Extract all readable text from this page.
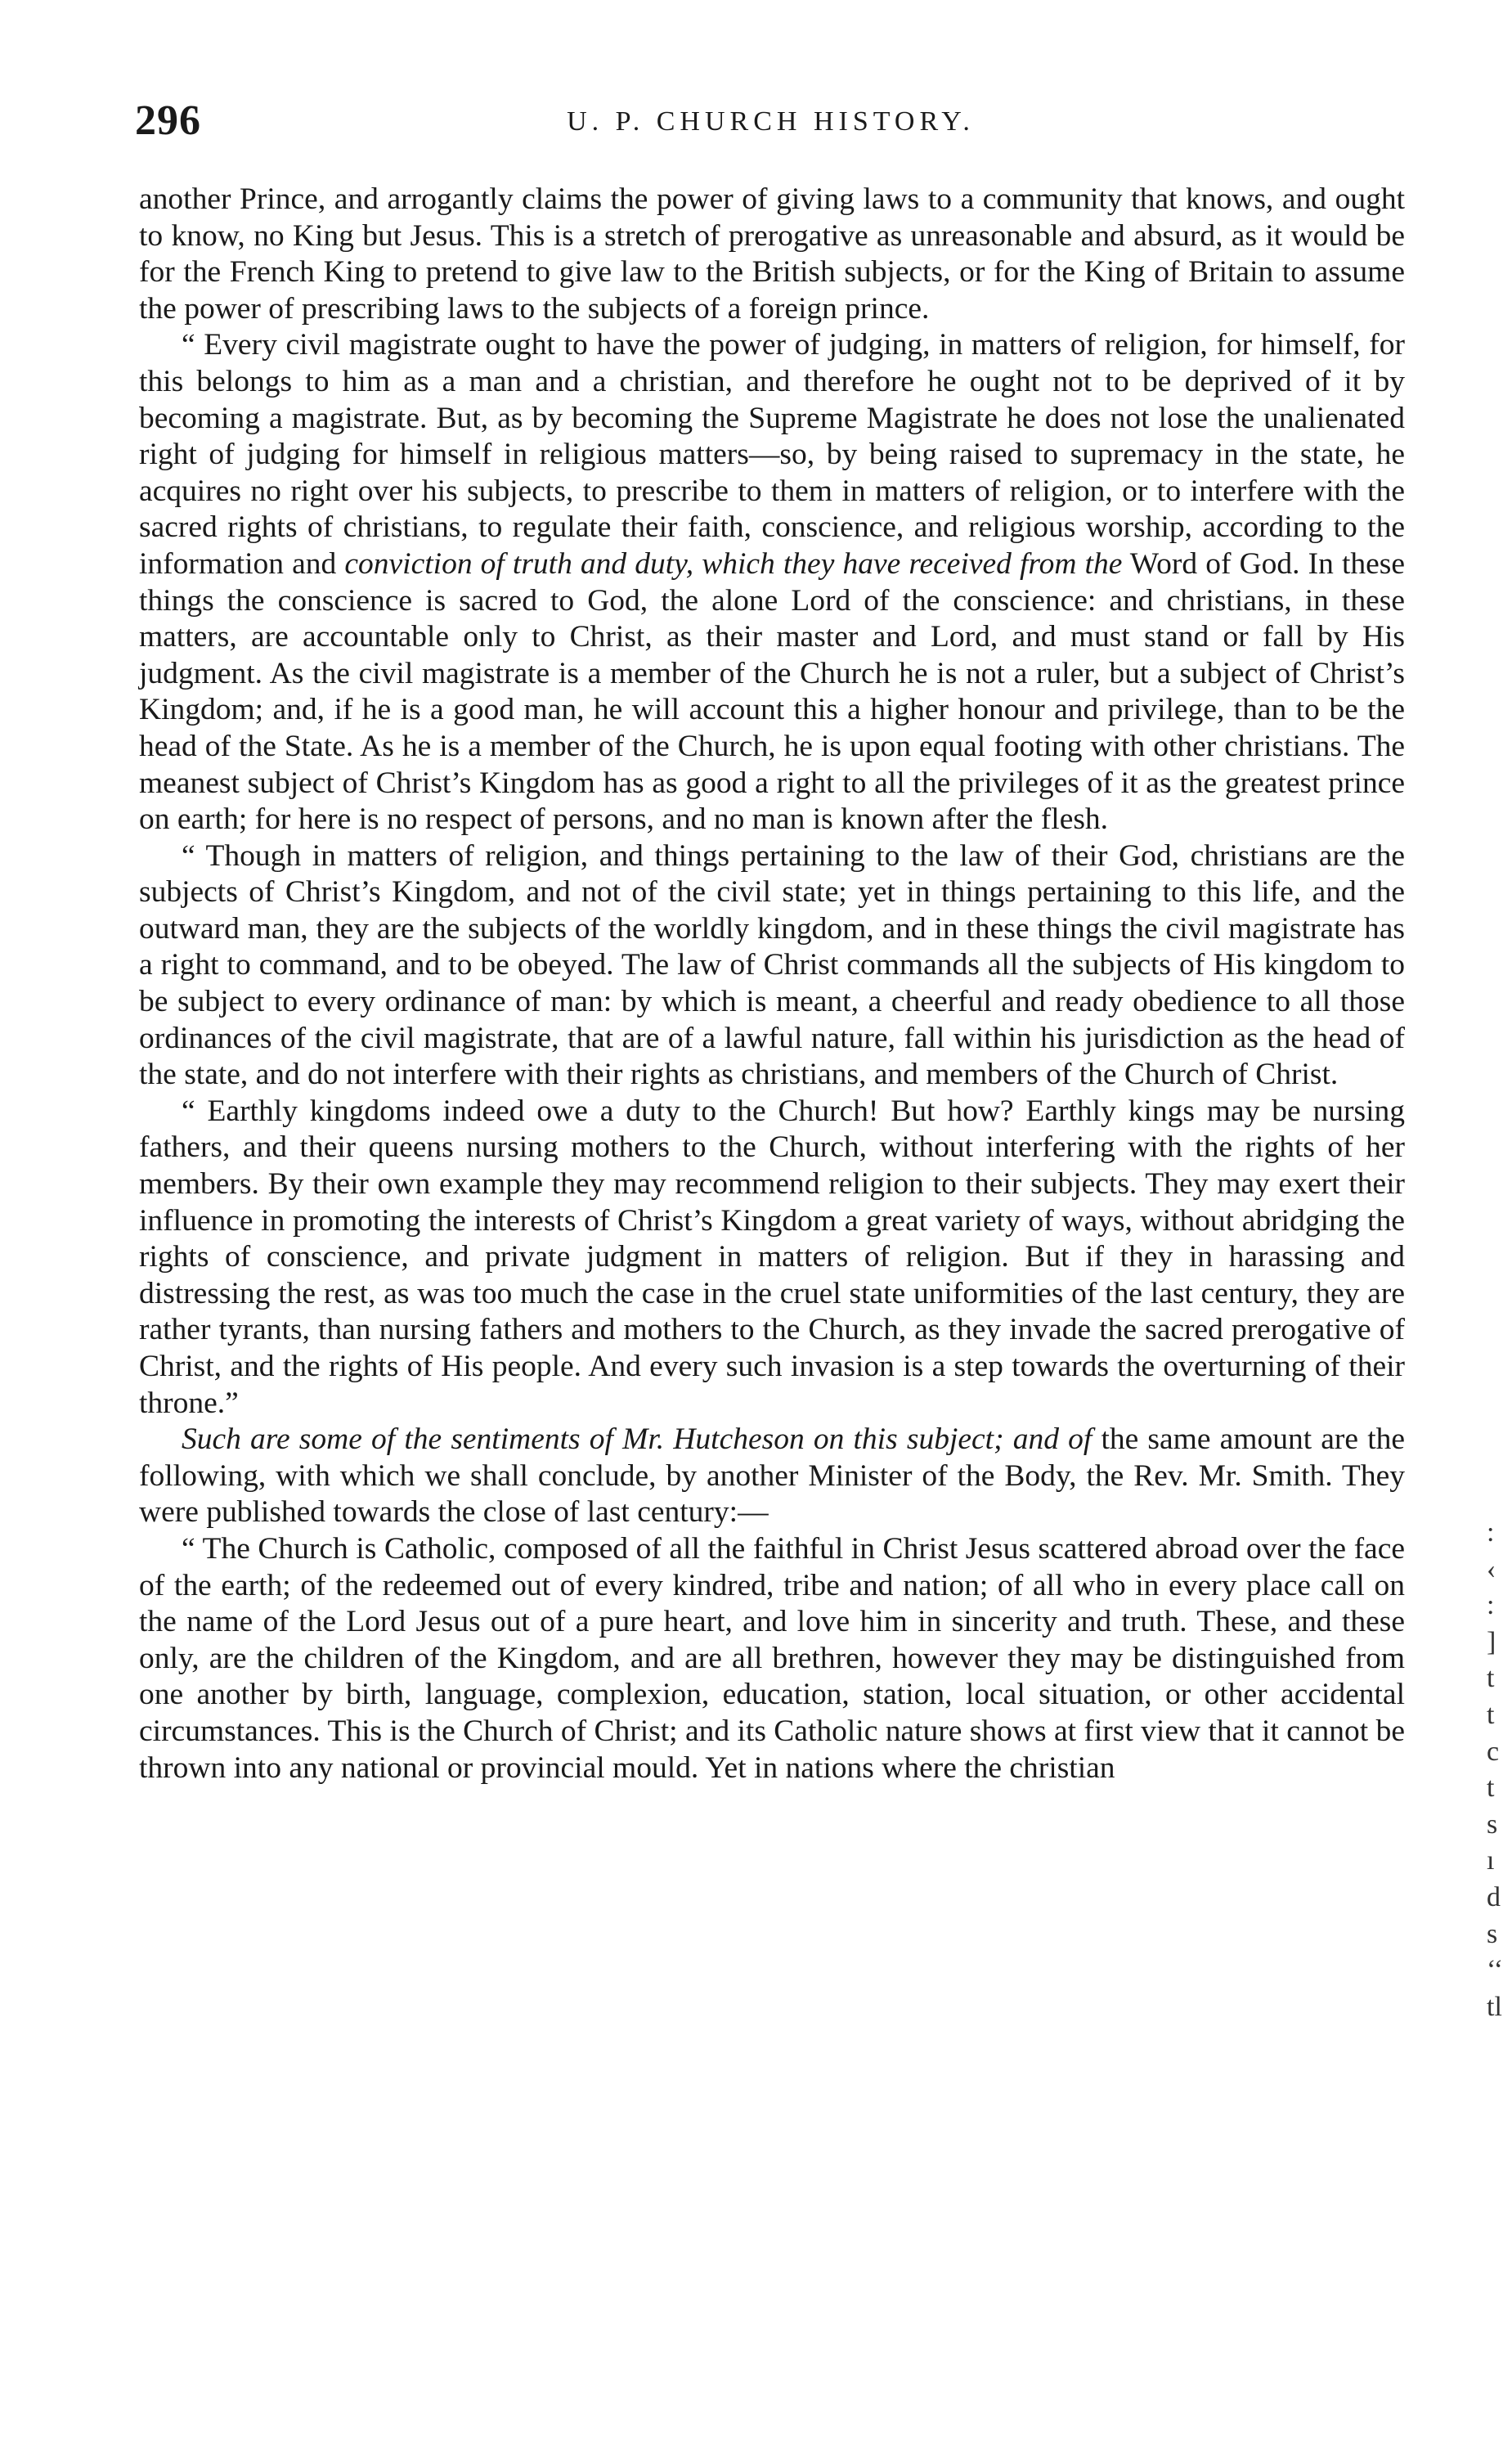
296	U. P. CHURCH HISTORY.

another Prince, and arrogantly claims the power of giving laws to a community that knows, and ought to know, no King but Jesus. This is a stretch of prerogative as unreasonable and absurd, as it would be for the French King to pretend to give law to the British subjects, or for the King of Britain to assume the power of prescribing laws to the subjects of a foreign prince.

“ Every civil magistrate ought to have the power of judging, in matters of religion, for himself, for this belongs to him as a man and a christian, and therefore he ought not to be deprived of it by becoming a magistrate. But, as by becoming the Supreme Magistrate he does not lose the unalienated right of judging for himself in religious matters—so, by being raised to supremacy in the state, he acquires no right over his subjects, to prescribe to them in matters of religion, or to interfere with the sacred rights of christians, to regulate their faith, conscience, and religious worship, according to the information and conviction of truth and duty, which they have received from the Word of God. In these things the conscience is sacred to God, the alone Lord of the conscience: and christians, in these matters, are accountable only to Christ, as their master and Lord, and must stand or fall by His judgment. As the civil magistrate is a member of the Church he is not a ruler, but a subject of Christ’s Kingdom; and, if he is a good man, he will account this a higher honour and privilege, than to be the head of the State. As he is a member of the Church, he is upon equal footing with other christians. The meanest subject of Christ’s Kingdom has as good a right to all the privileges of it as the greatest prince on earth; for here is no respect of persons, and no man is known after the flesh.

“ Though in matters of religion, and things pertaining to the law of their God, christians are the subjects of Christ’s Kingdom, and not of the civil state; yet in things pertaining to this life, and the outward man, they are the subjects of the worldly kingdom, and in these things the civil magistrate has a right to command, and to be obeyed. The law of Christ commands all the subjects of His kingdom to be subject to every ordinance of man: by which is meant, a cheerful and ready obedience to all those ordinances of the civil magistrate, that are of a lawful nature, fall within his jurisdiction as the head of the state, and do not interfere with their rights as christians, and members of the Church of Christ.

“ Earthly kingdoms indeed owe a duty to the Church! But how? Earthly kings may be nursing fathers, and their queens nursing mothers to the Church, without interfering with the rights of her members. By their own example they may recommend religion to their subjects. They may exert their influence in promoting the interests of Christ’s Kingdom a great variety of ways, without abridging the rights of conscience, and private judgment in matters of religion. But if they in harassing and distressing the rest, as was too much the case in the cruel state uniformities of the last century, they are rather tyrants, than nursing fathers and mothers to the Church, as they invade the sacred prerogative of Christ, and the rights of His people. And every such invasion is a step towards the overturning of their throne.”

Such are some of the sentiments of Mr. Hutcheson on this subject; and of the same amount are the following, with which we shall conclude, by another Minister of the Body, the Rev. Mr. Smith. They were published towards the close of last century:—

“ The Church is Catholic, composed of all the faithful in Christ Jesus scattered abroad over the face of the earth; of the redeemed out of every kindred, tribe and nation; of all who in every place call on the name of the Lord Jesus out of a pure heart, and love him in sincerity and truth. These, and these only, are the children of the Kingdom, and are all brethren, however they may be distinguished from one another by birth, language, complexion, education, station, local situation, or other accidental circumstances. This is the Church of Christ; and its Catholic nature shows at first view that it cannot be thrown into any national or provincial mould. Yet in nations where the christian

:
‹
:
]
t
t
c
t
s
ı
d
s
‘‘
tl
